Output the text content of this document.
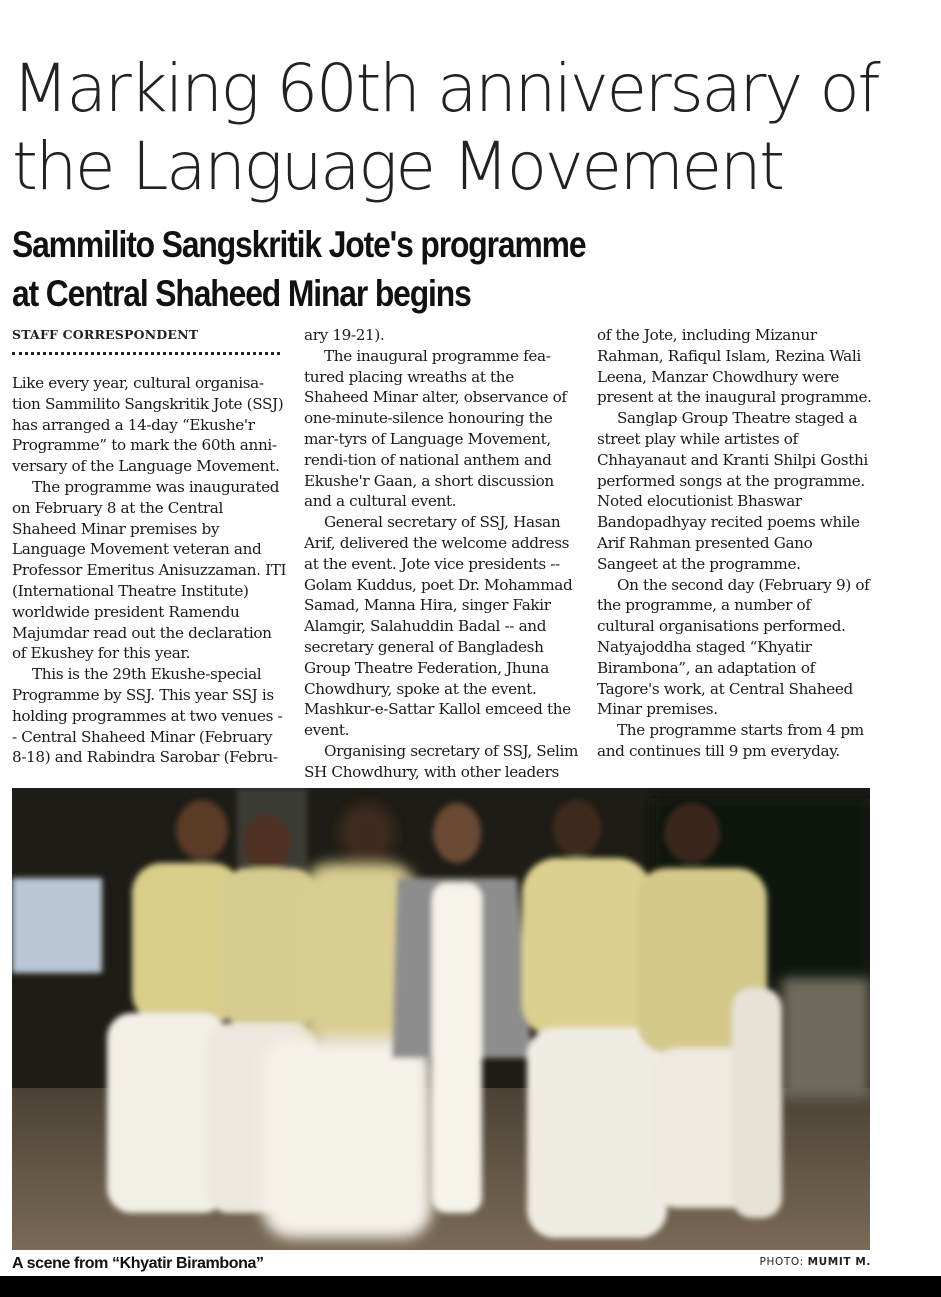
Marking 60th anniversary of
the Language Movement
Sammilito Sangskritik Jote's programme
at Central Shaheed Minar begins
STAFF CORRESPONDENT

Like every year, cultural organisa-tion Sammilito Sangskritik Jote (SSJ) has arranged a 14-day “Ekushe'r Programme” to mark the 60th anni-versary of the Language Movement.

The programme was inaugurated on February 8 at the Central Shaheed Minar premises by Language Movement veteran and Professor Emeritus Anisuzzaman. ITI (International Theatre Institute) worldwide president Ramendu Majumdar read out the declaration of Ekushey for this year.

This is the 29th Ekushe-special Programme by SSJ. This year SSJ is holding programmes at two venues -- Central Shaheed Minar (February 8-18) and Rabindra Sarobar (Febru-

ary 19-21).

The inaugural programme fea-tured placing wreaths at the Shaheed Minar alter, observance of one-minute-silence honouring the mar-tyrs of Language Movement, rendi-tion of national anthem and Ekushe'r Gaan, a short discussion and a cultural event.

General secretary of SSJ, Hasan Arif, delivered the welcome address at the event. Jote vice presidents -- Golam Kuddus, poet Dr. Mohammad Samad, Manna Hira, singer Fakir Alamgir, Salahuddin Badal -- and secretary general of Bangladesh Group Theatre Federation, Jhuna Chowdhury, spoke at the event. Mashkur-e-Sattar Kallol emceed the event.

Organising secretary of SSJ, Selim SH Chowdhury, with other leaders

of the Jote, including Mizanur Rahman, Rafiqul Islam, Rezina Wali Leena, Manzar Chowdhury were present at the inaugural programme.

Sanglap Group Theatre staged a street play while artistes of Chhayanaut and Kranti Shilpi Gosthi performed songs at the programme. Noted elocutionist Bhaswar Bandopadhyay recited poems while Arif Rahman presented Gano Sangeet at the programme.

On the second day (February 9) of the programme, a number of cultural organisations performed. Natyajoddha staged “Khyatir Birambona”, an adaptation of Tagore's work, at Central Shaheed Minar premises.

The programme starts from 4 pm and continues till 9 pm everyday.

A scene from “Khyatir Birambona”	PHOTO: MUMIT M.
